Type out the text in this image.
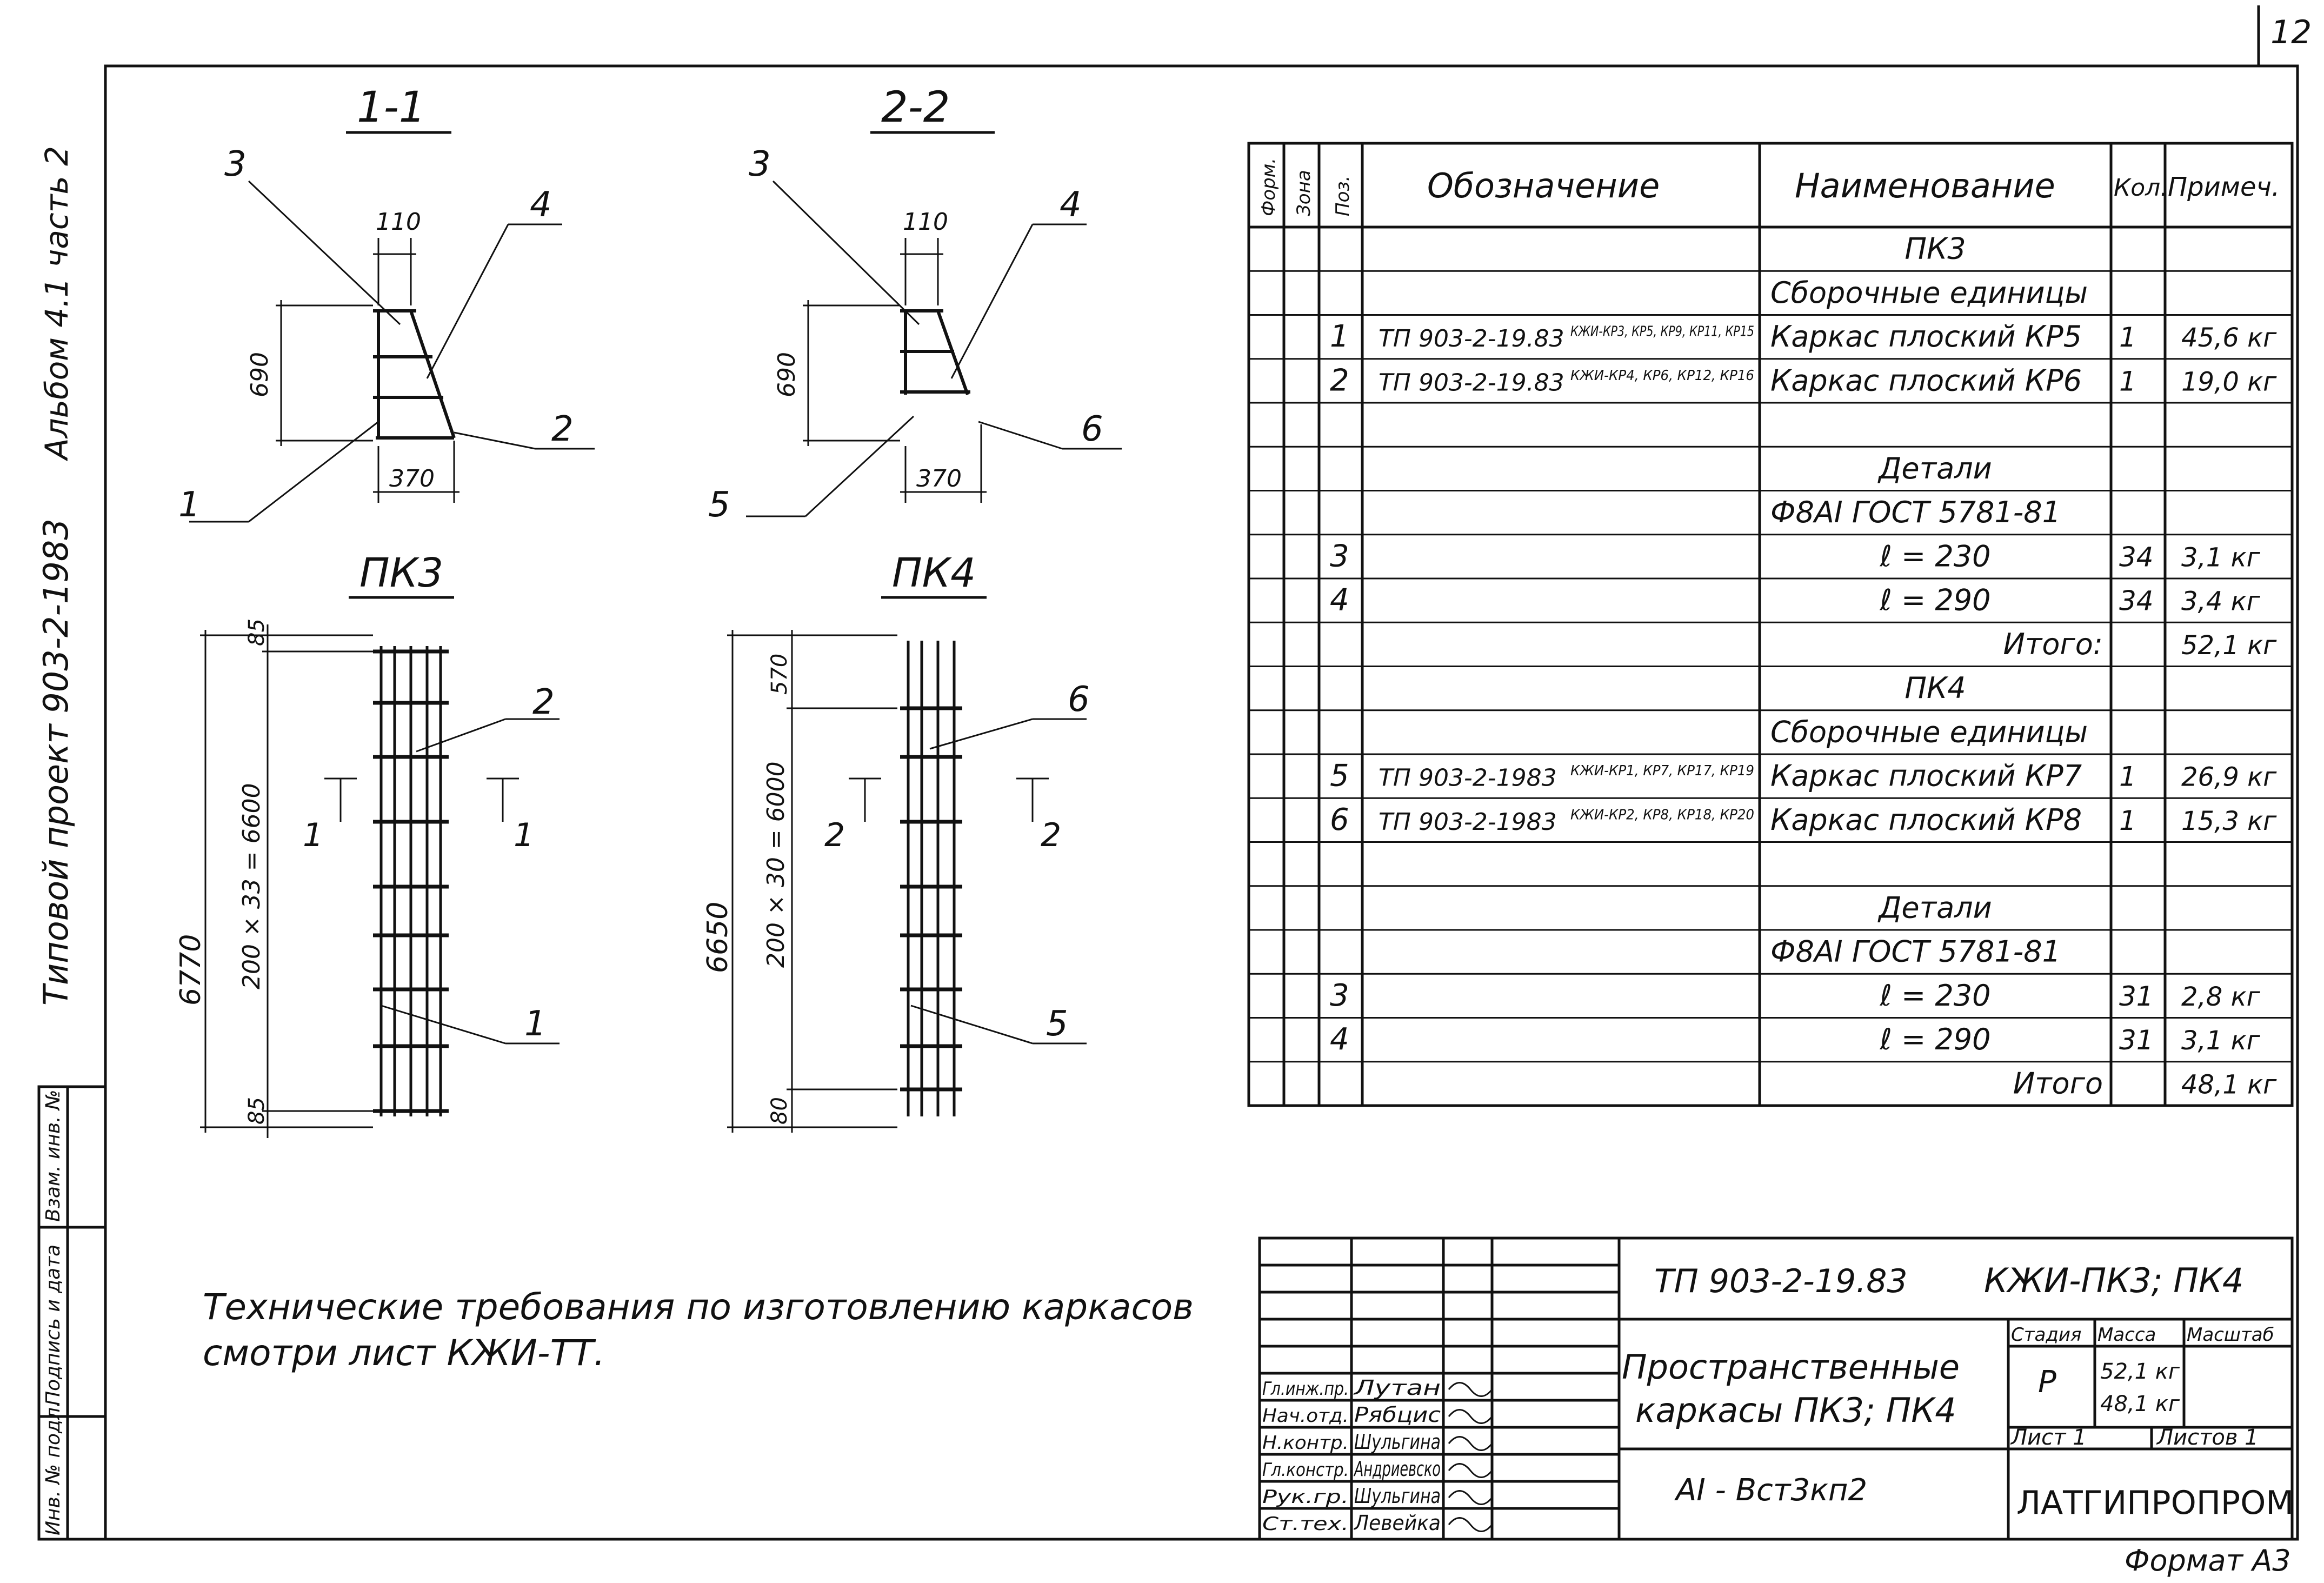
12
Формат А3
Альбом 4.1 часть 2
Типовой проект 903-2-1983
Инв. № подл.
Подпись и дата
Взам. инв. №
1-1
110
690
370
3
4
2
1
2-2
110
690
370
3
4
6
5
ПК3
6770 200 × 33 = 6600
85
85
2
1
1	1
ПК4
6650 200 × 30 = 6000
570
80
6
5
2	2
Форм. Зона Поз. Обозначение	Наименование Кол. Примеч.
ПК3
Сборочные единицы
1 ТП 903-2-19.83 КЖИ-КР3, КР5, КР9, КР11, КР15 Каркас плоский КР5 1 45,6 кг
2 ТП 903-2-19.83 КЖИ-КР4, КР6, КР12, КР16 Каркас плоский КР6 1 19,0 кг
Детали
Ф8АI ГОСТ 5781-81
3	ℓ = 230	34 3,1 кг
4	ℓ = 290	34 3,4 кг
Итого:	52,1 кг
ПК4
Сборочные единицы
5 ТП 903-2-1983 КЖИ-КР1, КР7, КР17, КР19 Каркас плоский КР7 1 26,9 кг
6 ТП 903-2-1983 КЖИ-КР2, КР8, КР18, КР20 Каркас плоский КР8 1 15,3 кг
Детали
Ф8АI ГОСТ 5781-81
3	ℓ = 230	31 2,8 кг
4	ℓ = 290	31 3,1 кг
Итого	48,1 кг
Технические требования по изготовлению каркасов
смотри лист КЖИ-ТТ.
ТП 903-2-19.83 КЖИ-ПК3; ПК4
Пространственные
каркасы ПК3; ПК4
АI - Вст3кп2	ЛАТГИПРОПРОМ
Стадия Масса Масштаб
Р 52,1 кг
48,1 кг
Лист 1	Листов 1
Гл.инж.пр. Лутан
Нач.отд. Рябцис
Н.контр. Шульгина
Гл.констр. Андриевско
Рук.гр. Шульгина
Ст.тех. Левейка
